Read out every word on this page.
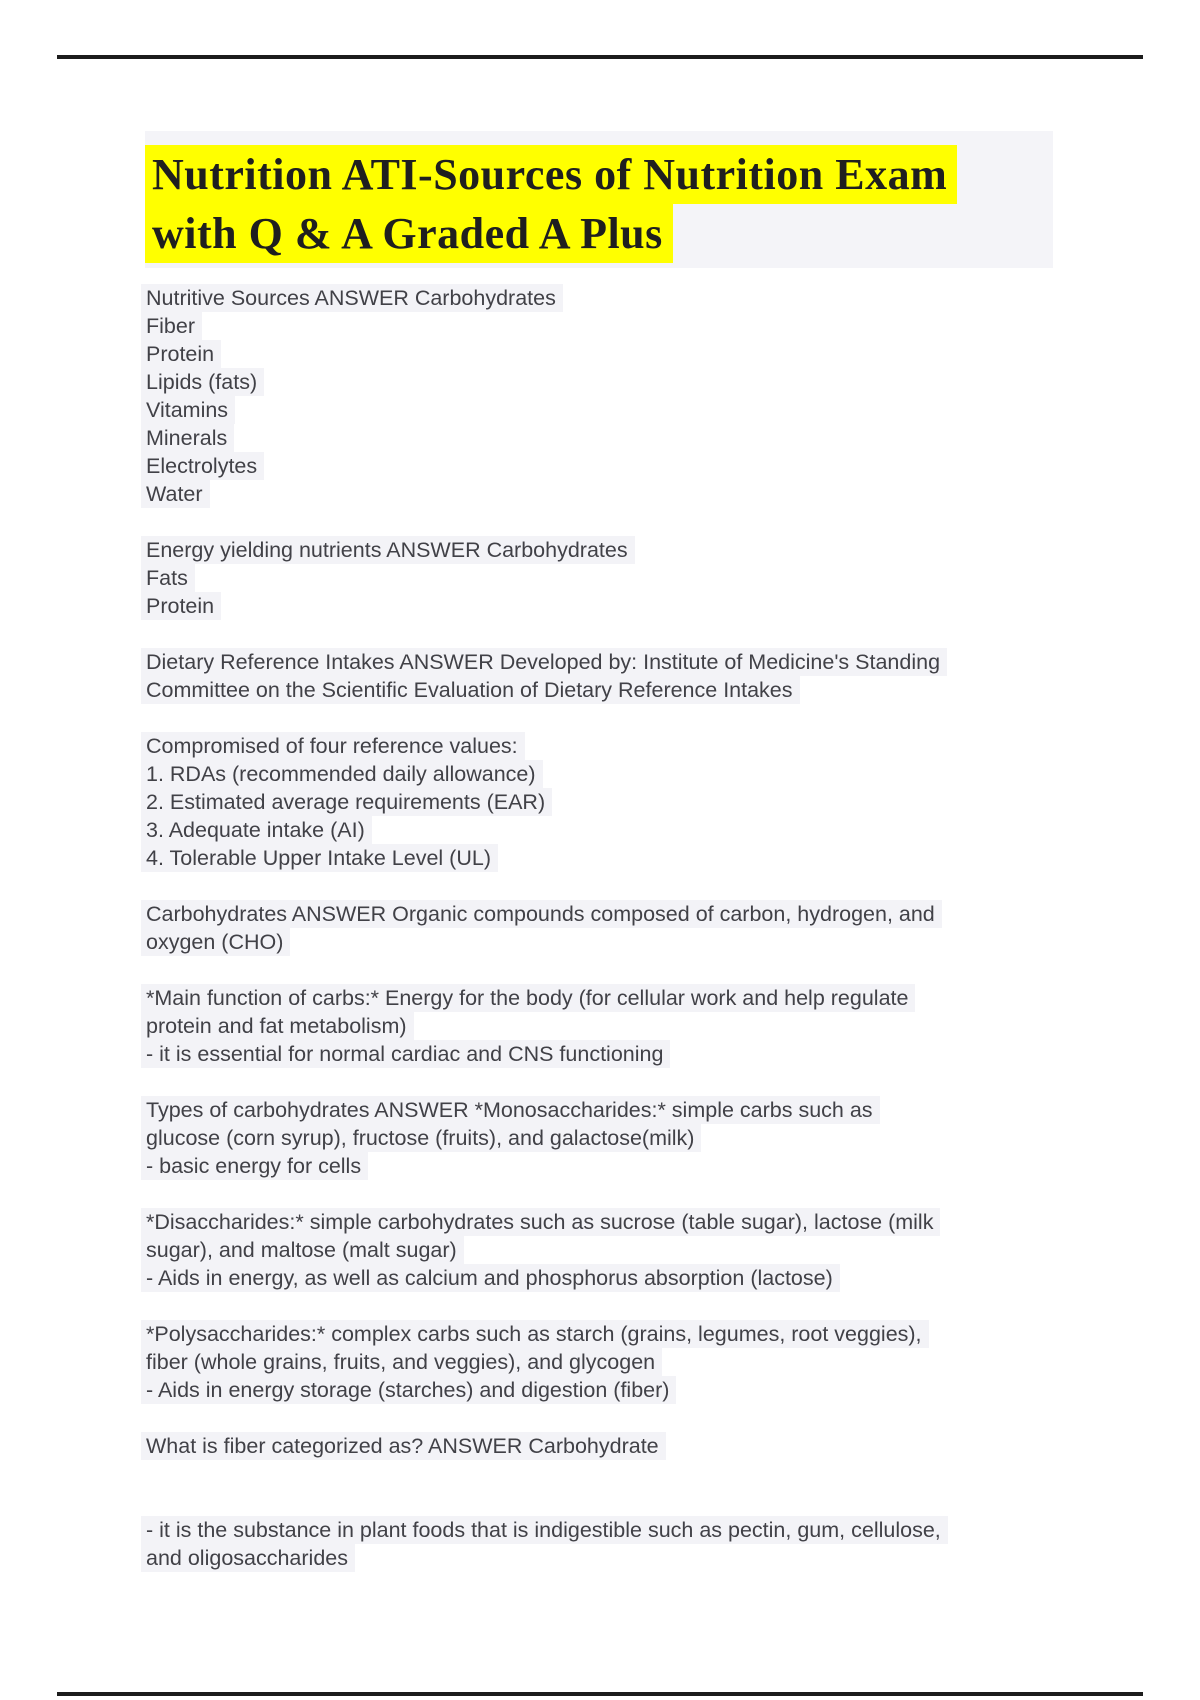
Nutrition ATI-Sources of Nutrition Exam
with Q & A Graded A Plus

Nutritive Sources ANSWER Carbohydrates
Fiber
Protein
Lipids (fats)
Vitamins
Minerals
Electrolytes
Water

Energy yielding nutrients ANSWER Carbohydrates
Fats
Protein

Dietary Reference Intakes ANSWER Developed by: Institute of Medicine's Standing
Committee on the Scientific Evaluation of Dietary Reference Intakes

Compromised of four reference values:
1. RDAs (recommended daily allowance)
2. Estimated average requirements (EAR)
3. Adequate intake (AI)
4. Tolerable Upper Intake Level (UL)

Carbohydrates ANSWER Organic compounds composed of carbon, hydrogen, and
oxygen (CHO)

*Main function of carbs:* Energy for the body (for cellular work and help regulate
protein and fat metabolism)
- it is essential for normal cardiac and CNS functioning

Types of carbohydrates ANSWER *Monosaccharides:* simple carbs such as
glucose (corn syrup), fructose (fruits), and galactose(milk)
- basic energy for cells

*Disaccharides:* simple carbohydrates such as sucrose (table sugar), lactose (milk
sugar), and maltose (malt sugar)
- Aids in energy, as well as calcium and phosphorus absorption (lactose)

*Polysaccharides:* complex carbs such as starch (grains, legumes, root veggies),
fiber (whole grains, fruits, and veggies), and glycogen
- Aids in energy storage (starches) and digestion (fiber)

What is fiber categorized as? ANSWER Carbohydrate

- it is the substance in plant foods that is indigestible such as pectin, gum, cellulose,
and oligosaccharides
